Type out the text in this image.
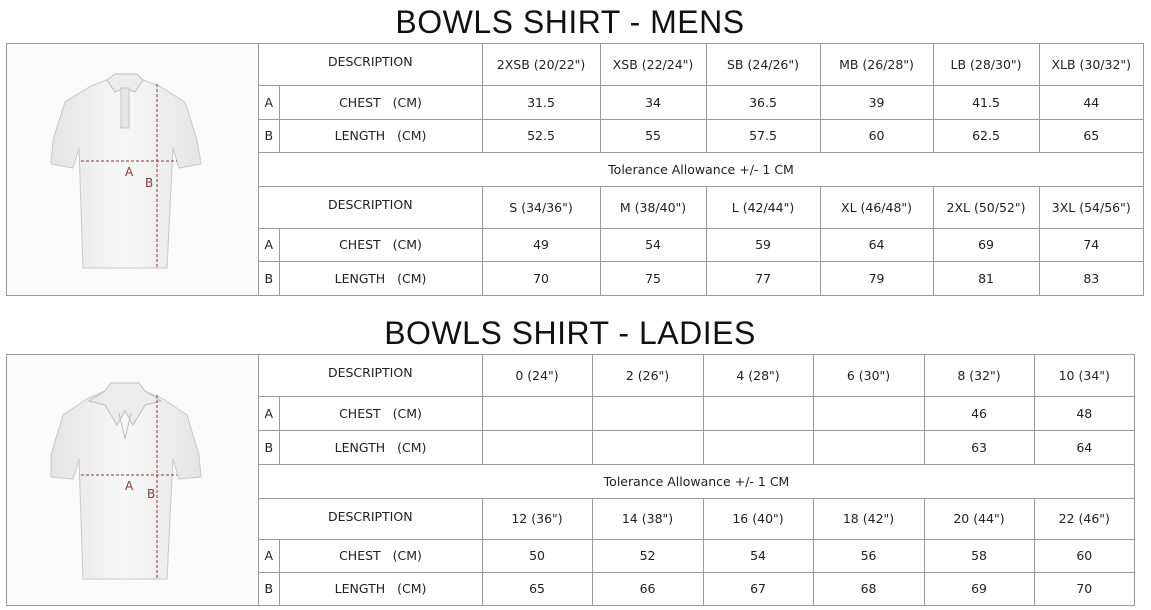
BOWLS SHIRT - MENS
A
B
DESCRIPTION		2XSB (20/22")	XSB (22/24")	SB (24/26")	MB (26/28")	LB (28/30")	XLB (30/32")
A	CHEST (CM)	31.5	34	36.5	39	41.5	44
B	LENGTH (CM)	52.5	55	57.5	60	62.5	65
Tolerance Allowance +/- 1 CM							
DESCRIPTION		S (34/36")	M (38/40")	L (42/44")	XL (46/48")	2XL (50/52")	3XL (54/56")
A	CHEST (CM)	49	54	59	64	69	74
B	LENGTH (CM)	70	75	77	79	81	83
BOWLS SHIRT - LADIES
A
B
DESCRIPTION		0 (24")	2 (26")	4 (28")	6 (30")	8 (32")	10 (34")
A	CHEST (CM)					46	48
B	LENGTH (CM)					63	64
Tolerance Allowance +/- 1 CM							
DESCRIPTION		12 (36")	14 (38")	16 (40")	18 (42")	20 (44")	22 (46")
A	CHEST (CM)	50	52	54	56	58	60
B	LENGTH (CM)	65	66	67	68	69	70
